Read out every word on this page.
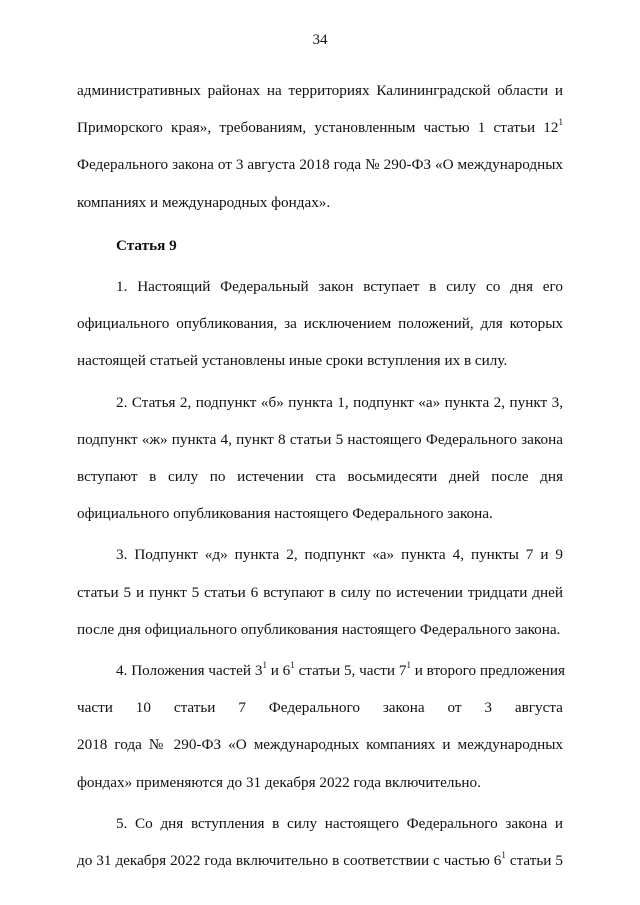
34
административных районах на территориях Калининградской области и
Приморского края», требованиям, установленным частью 1 статьи $12^1$
Федерального закона от 3 августа 2018 года № 290-ФЗ «О международных
компаниях и международных фондах».
Статья 9
1. Настоящий Федеральный закон вступает в силу со дня его
официального опубликования, за исключением положений, для которых
настоящей статьей установлены иные сроки вступления их в силу.
2. Статья 2, подпункт «б» пункта 1, подпункт «а» пункта 2, пункт 3,
подпункт «ж» пункта 4, пункт 8 статьи 5 настоящего Федерального закона
вступают в силу по истечении ста восьмидесяти дней после дня
официального опубликования настоящего Федерального закона.
3. Подпункт «д» пункта 2, подпункт «а» пункта 4, пункты 7 и 9
статьи 5 и пункт 5 статьи 6 вступают в силу по истечении тридцати дней
после дня официального опубликования настоящего Федерального закона.
4. Положения частей $3^1$ и $6^1$ статьи 5, части $7^1$ и второго предложения
части 10 статьи 7 Федерального закона от 3 августа
2018 года № 290-ФЗ «О международных компаниях и международных
фондах» применяются до 31 декабря 2022 года включительно.
5. Со дня вступления в силу настоящего Федерального закона и
до 31 декабря 2022 года включительно в соответствии с частью $6^1$ статьи 5
